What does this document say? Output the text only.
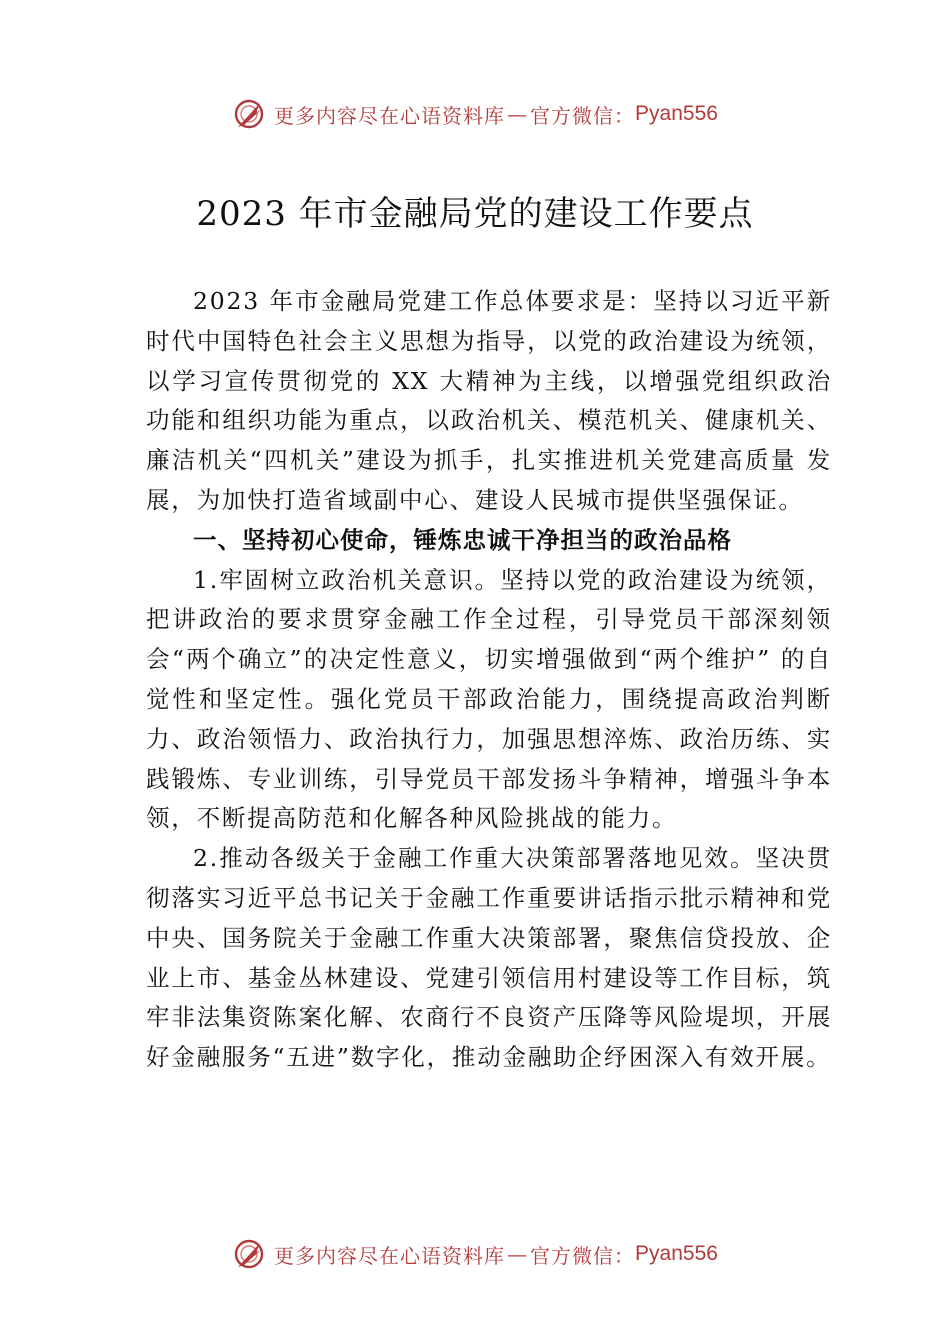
更多内容尽在心语资料库 — 官方微信： Pyan556
2023 年市金融局党的建设工作要点

2023 年市金融局党建工作总体要求是：坚持以习近平新时代中国特色社会主义思想为指导，以党的政治建设为统领， 以学习宣传贯彻党的 XX 大精神为主线，以增强党组织政治 功能和组织功能为重点，以政治机关、模范机关、健康机关、 廉洁机关“四机关”建设为抓手，扎实推进机关党建高质量 发展，为加快打造省域副中心、建设人民城市提供坚强保证。

一、坚持初心使命，锤炼忠诚干净担当的政治品格

1.牢固树立政治机关意识。坚持以党的政治建设为统领，把讲政治的要求贯穿金融工作全过程，引导党员干部深刻领会“两个确立”的决定性意义，切实增强做到“两个维护” 的自觉性和坚定性。强化党员干部政治能力，围绕提高政治判断力、政治领悟力、政治执行力，加强思想淬炼、政治历练、实践锻炼、专业训练，引导党员干部发扬斗争精神，增强斗争本领，不断提高防范和化解各种风险挑战的能力。

2.推动各级关于金融工作重大决策部署落地见效。坚决贯彻落实习近平总书记关于金融工作重要讲话指示批示精神和党中央、国务院关于金融工作重大决策部署，聚焦信贷投放、企业上市、基金丛林建设、党建引领信用村建设等工作目标，筑牢非法集资陈案化解、农商行不良资产压降等风险堤坝，开展好金融服务“五进”数字化，推动金融助企纾困深入有效开展。

更多内容尽在心语资料库 — 官方微信： Pyan556
